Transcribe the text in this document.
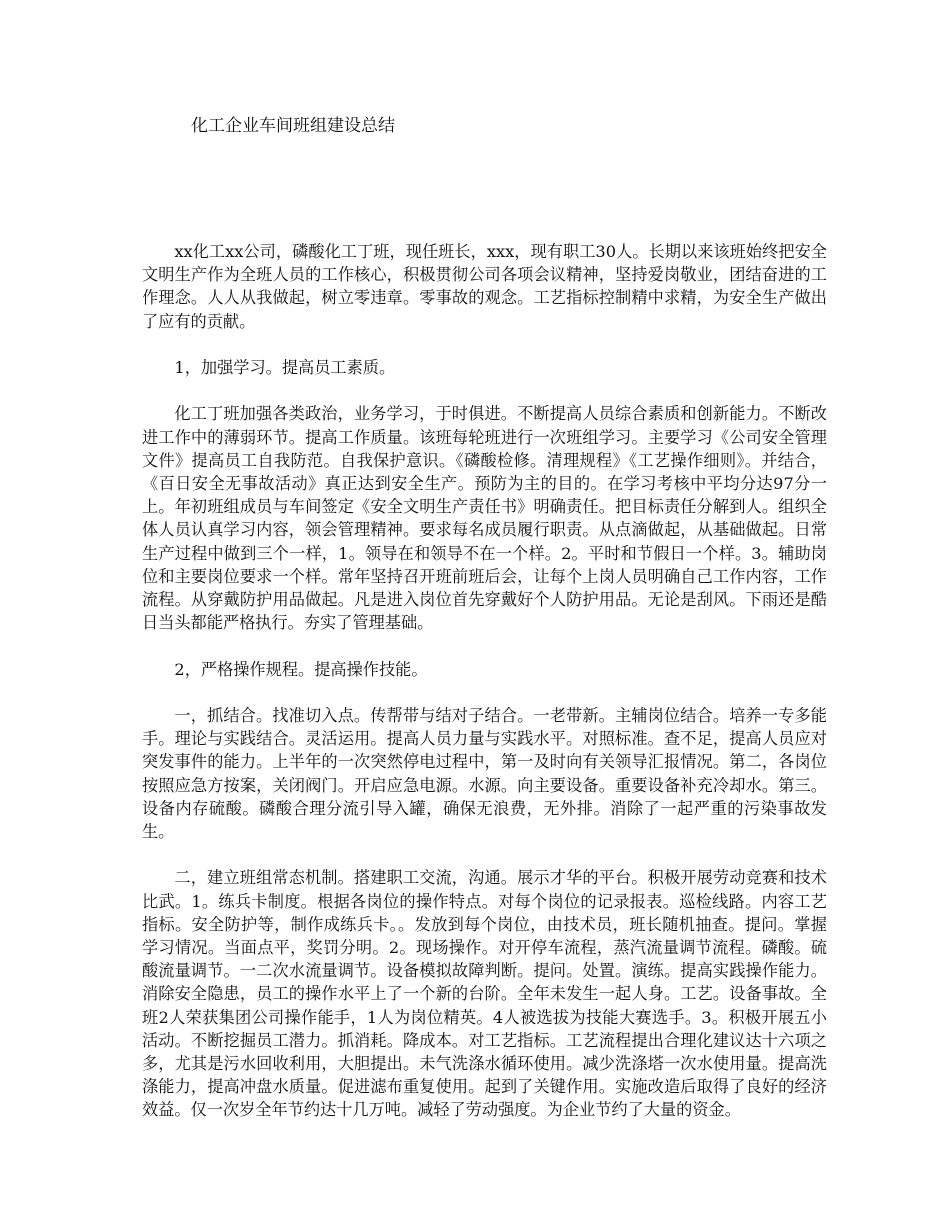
化工企业车间班组建设总结

xx化工xx公司，磷酸化工丁班，现任班长，xxx，现有职工30人。长期以来该班始终把安全文明生产作为全班人员的工作核心，积极贯彻公司各项会议精神，坚持爱岗敬业，团结奋进的工作理念。人人从我做起，树立零违章。零事故的观念。工艺指标控制精中求精，为安全生产做出了应有的贡献。

1，加强学习。提高员工素质。

化工丁班加强各类政治，业务学习，于时俱进。不断提高人员综合素质和创新能力。不断改进工作中的薄弱环节。提高工作质量。该班每轮班进行一次班组学习。主要学习《公司安全管理文件》提高员工自我防范。自我保护意识。《磷酸检修。清理规程》《工艺操作细则》。并结合，《百日安全无事故活动》真正达到安全生产。预防为主的目的。在学习考核中平均分达97分一上。年初班组成员与车间签定《安全文明生产责任书》明确责任。把目标责任分解到人。组织全体人员认真学习内容，领会管理精神。要求每名成员履行职责。从点滴做起，从基础做起。日常生产过程中做到三个一样，1。领导在和领导不在一个样。2。平时和节假日一个样。3。辅助岗位和主要岗位要求一个样。常年坚持召开班前班后会，让每个上岗人员明确自己工作内容，工作流程。从穿戴防护用品做起。凡是进入岗位首先穿戴好个人防护用品。无论是刮风。下雨还是酷日当头都能严格执行。夯实了管理基础。

2，严格操作规程。提高操作技能。

一，抓结合。找准切入点。传帮带与结对子结合。一老带新。主辅岗位结合。培养一专多能手。理论与实践结合。灵活运用。提高人员力量与实践水平。对照标准。查不足，提高人员应对突发事件的能力。上半年的一次突然停电过程中，第一及时向有关领导汇报情况。第二，各岗位按照应急方按案，关闭阀门。开启应急电源。水源。向主要设备。重要设备补充冷却水。第三。设备内存硫酸。磷酸合理分流引导入罐，确保无浪费，无外排。消除了一起严重的污染事故发生。

二，建立班组常态机制。搭建职工交流，沟通。展示才华的平台。积极开展劳动竞赛和技术比武。1。练兵卡制度。根据各岗位的操作特点。对每个岗位的记录报表。巡检线路。内容工艺指标。安全防护等，制作成练兵卡。。发放到每个岗位，由技术员，班长随机抽查。提问。掌握学习情况。当面点平，奖罚分明。2。现场操作。对开停车流程，蒸汽流量调节流程。磷酸。硫酸流量调节。一二次水流量调节。设备模拟故障判断。提问。处置。演练。提高实践操作能力。消除安全隐患，员工的操作水平上了一个新的台阶。全年未发生一起人身。工艺。设备事故。全班2人荣获集团公司操作能手，1人为岗位精英。4人被选拔为技能大赛选手。3。积极开展五小活动。不断挖掘员工潜力。抓消耗。降成本。对工艺指标。工艺流程提出合理化建议达十六项之多，尤其是污水回收利用，大胆提出。未气洗涤水循环使用。减少洗涤塔一次水使用量。提高洗涤能力，提高冲盘水质量。促进滤布重复使用。起到了关键作用。实施改造后取得了良好的经济效益。仅一次岁全年节约达十几万吨。减轻了劳动强度。为企业节约了大量的资金。
